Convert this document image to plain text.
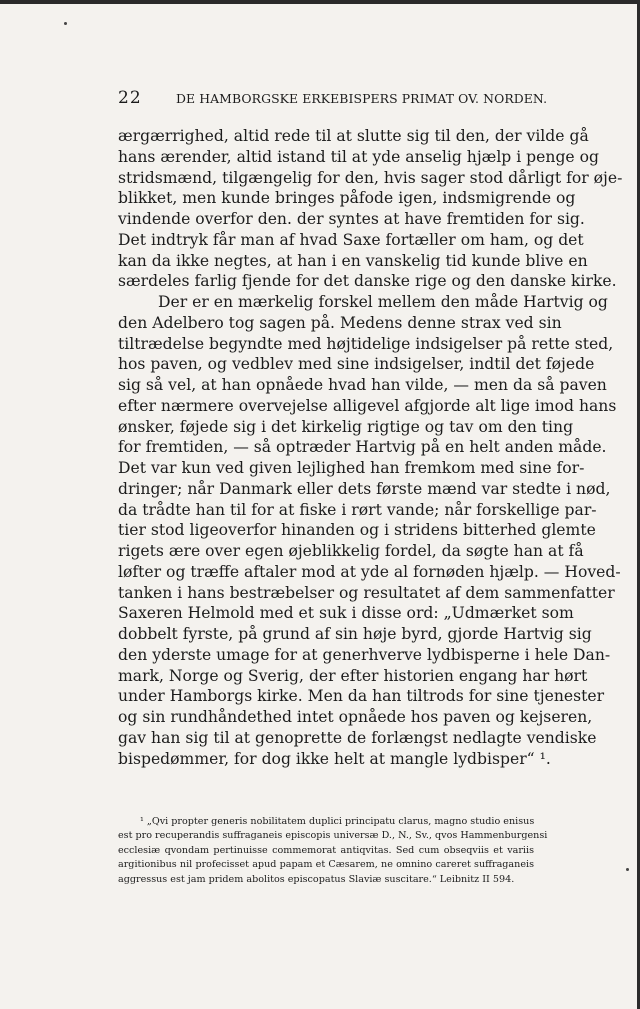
22	DE HAMBORGSKE ERKEBISPERS PRIMAT OV. NORDEN.
ærgærrighed, altid rede til at slutte sig til den, der vilde gå
hans ærender, altid istand til at yde anselig hjælp i penge og
stridsmænd, tilgængelig for den, hvis sager stod dårligt for øje-
blikket, men kunde bringes påfode igen, indsmigrende og
vindende overfor den. der syntes at have fremtiden for sig.
Det indtryk får man af hvad Saxe fortæller om ham, og det
kan da ikke negtes, at han i en vanskelig tid kunde blive en
særdeles farlig fjende for det danske rige og den danske kirke.
Der er en mærkelig forskel mellem den måde Hartvig og
den Adelbero tog sagen på. Medens denne strax ved sin
tiltrædelse begyndte med højtidelige indsigelser på rette sted,
hos paven, og vedblev med sine indsigelser, indtil det føjede
sig så vel, at han opnåede hvad han vilde, — men da så paven
efter nærmere overvejelse alligevel afgjorde alt lige imod hans
ønsker, føjede sig i det kirkelig rigtige og tav om den ting
for fremtiden, — så optræder Hartvig på en helt anden måde.
Det var kun ved given lejlighed han fremkom med sine for-
dringer; når Danmark eller dets første mænd var stedte i nød,
da trådte han til for at fiske i rørt vande; når forskellige par-
tier stod ligeoverfor hinanden og i stridens bitterhed glemte
rigets ære over egen øjeblikkelig fordel, da søgte han at få
løfter og træffe aftaler mod at yde al fornøden hjælp. — Hoved-
tanken i hans bestræbelser og resultatet af dem sammenfatter
Saxeren Helmold med et suk i disse ord: „Udmærket som
dobbelt fyrste, på grund af sin høje byrd, gjorde Hartvig sig
den yderste umage for at generhverve lydbisperne i hele Dan-
mark, Norge og Sverig, der efter historien engang har hørt
under Hamborgs kirke. Men da han tiltrods for sine tjenester
og sin rundhåndethed intet opnåede hos paven og kejseren,
gav han sig til at genoprette de forlængst nedlagte vendiske
bispedømmer, for dog ikke helt at mangle lydbisper“ ¹.
¹ „Qvi propter generis nobilitatem duplici principatu clarus, magno studio enisus
est pro recuperandis suffraganeis episcopis universæ D., N., Sv., qvos Hammenburgensi
ecclesiæ qvondam pertinuisse commemorat antiqvitas. Sed cum obseqviis et variis
argitionibus nil profecisset apud papam et Cæsarem, ne omnino careret suffraganeis
aggressus est jam pridem abolitos episcopatus Slaviæ suscitare.“ Leibnitz II 594.
